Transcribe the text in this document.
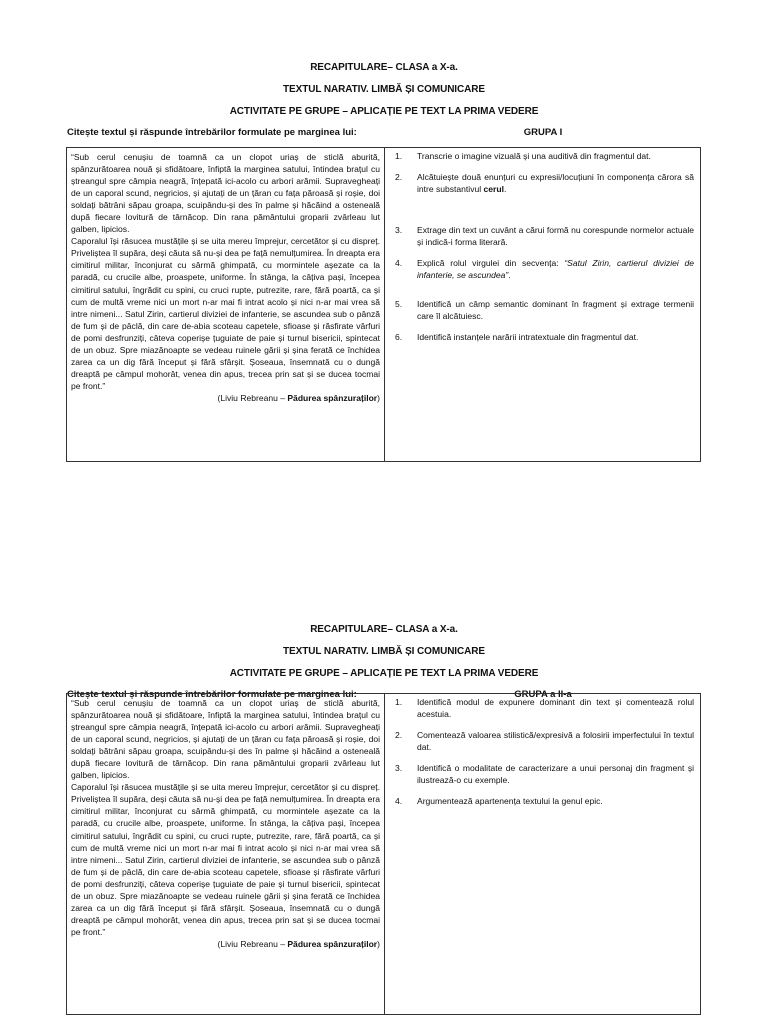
RECAPITULARE– CLASA a X-a.
TEXTUL NARATIV. LIMBĂ ȘI COMUNICARE
ACTIVITATE PE GRUPE – APLICAȚIE PE TEXT LA PRIMA VEDERE
Citește textul și răspunde întrebărilor formulate pe marginea lui:	GRUPA I

“Sub cerul cenușiu de toamnă ca un clopot uriaș de sticlă aburită, spânzurătoarea nouă și sfidătoare, înfiptă la marginea satului, întindea brațul cu ștreangul spre câmpia neagră, înțepată ici-acolo cu arbori arămii. Supravegheați de un caporal scund, negricios, și ajutați de un țăran cu fața păroasă și roșie, doi soldați bătrâni săpau groapa, scuipându-și des în palme și hăcăind a osteneală după fiecare lovitură de târnăcop. Din rana pământului groparii zvârleau lut galben, lipicios.
Caporalul își răsucea mustățile și se uita mereu împrejur, cercetător și cu dispreț. Priveliștea îl supăra, deși căuta să nu-și dea pe față nemulțumirea. În dreapta era cimitirul militar, înconjurat cu sârmă ghimpată, cu mormintele așezate ca la paradă, cu crucile albe, proaspete, uniforme. În stânga, la câțiva pași, începea cimitirul satului, îngrădit cu spini, cu cruci rupte, putrezite, rare, fără poartă, ca și cum de multă vreme nici un mort n-ar mai fi intrat acolo și nici n-ar mai vrea să intre nimeni... Satul Zirin, cartierul diviziei de infanterie, se ascundea sub o pânză de fum și de pâclă, din care de-abia scoteau capetele, sfioase și răsfirate vârfuri de pomi desfrunziți, câteva coperișe țuguiate de paie și turnul bisericii, spintecat de un obuz. Spre miazănoapte se vedeau ruinele gării și șina ferată ce închidea zarea ca un dig fără început și fără sfârșit. Șoseaua, însemnată cu o dungă dreaptă pe câmpul mohorât, venea din apus, trecea prin sat și se ducea tocmai pe front.”

(Liviu Rebreanu – Pădurea spânzuraților)

1.	Transcrie o imagine vizuală și una auditivă din fragmentul dat.
2.	Alcătuiește două enunțuri cu expresii/locuțiuni în componența cărora să intre substantivul cerul.
3.	Extrage din text un cuvânt a cărui formă nu corespunde normelor actuale și indică-i forma literară.
4.	Explică rolul virgulei din secvența: “Satul Zirin, cartierul diviziei de infanterie, se ascundea”.
5.	Identifică un câmp semantic dominant în fragment și extrage termenii care îl alcătuiesc.
6.	Identifică instanțele narării intratextuale din fragmentul dat.
RECAPITULARE– CLASA a X-a.
TEXTUL NARATIV. LIMBĂ ȘI COMUNICARE
ACTIVITATE PE GRUPE – APLICAȚIE PE TEXT LA PRIMA VEDERE
Citește textul și răspunde întrebărilor formulate pe marginea lui:	GRUPA a II-a

“Sub cerul cenușiu de toamnă ca un clopot uriaș de sticlă aburită, spânzurătoarea nouă și sfidătoare, înfiptă la marginea satului, întindea brațul cu ștreangul spre câmpia neagră, înțepată ici-acolo cu arbori arămii. Supravegheați de un caporal scund, negricios, și ajutați de un țăran cu fața păroasă și roșie, doi soldați bătrâni săpau groapa, scuipându-și des în palme și hăcăind a osteneală după fiecare lovitură de târnăcop. Din rana pământului groparii zvârleau lut galben, lipicios.
Caporalul își răsucea mustățile și se uita mereu împrejur, cercetător și cu dispreț. Priveliștea îl supăra, deși căuta să nu-și dea pe față nemulțumirea. În dreapta era cimitirul militar, înconjurat cu sârmă ghimpată, cu mormintele așezate ca la paradă, cu crucile albe, proaspete, uniforme. În stânga, la câțiva pași, începea cimitirul satului, îngrădit cu spini, cu cruci rupte, putrezite, rare, fără poartă, ca și cum de multă vreme nici un mort n-ar mai fi intrat acolo și nici n-ar mai vrea să intre nimeni... Satul Zirin, cartierul diviziei de infanterie, se ascundea sub o pânză de fum și de pâclă, din care de-abia scoteau capetele, sfioase și răsfirate vârfuri de pomi desfrunziți, câteva coperișe țuguiate de paie și turnul bisericii, spintecat de un obuz. Spre miazănoapte se vedeau ruinele gării și șina ferată ce închidea zarea ca un dig fără început și fără sfârșit. Șoseaua, însemnată cu o dungă dreaptă pe câmpul mohorât, venea din apus, trecea prin sat și se ducea tocmai pe front.”

(Liviu Rebreanu – Pădurea spânzuraților)

1.	Identifică modul de expunere dominant din text și comentează rolul acestuia.
2.	Comentează valoarea stilistică/expresivă a folosirii imperfectului în textul dat.
3.	Identifică o modalitate de caracterizare a unui personaj din fragment și ilustrează-o cu exemple.
4.	Argumentează apartenența textului la genul epic.
